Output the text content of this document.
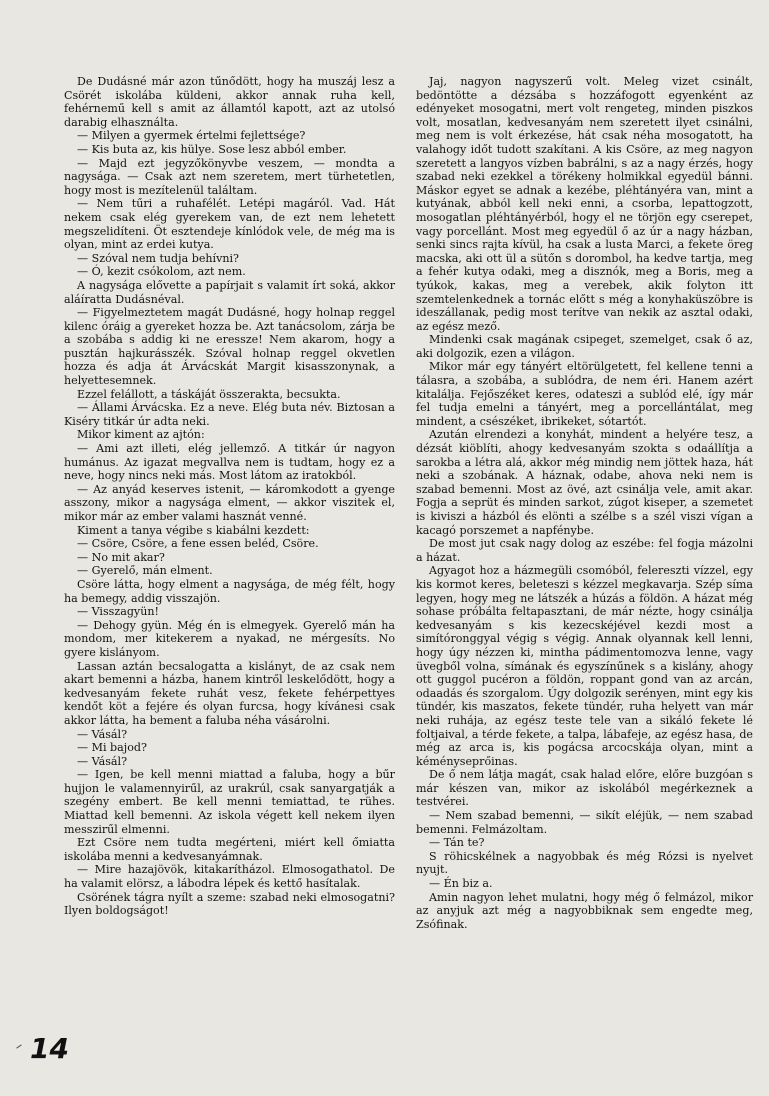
De Dudásné már azon tűnődött, hogy ha muszáj lesz a Csörét iskolába küldeni, akkor annak ruha kell, fehérnemű kell s amit az államtól kapott, azt az utolsó darabig elhasználta.

— Milyen a gyermek értelmi fejlettsége?

— Kis buta az, kis hülye. Sose lesz abból ember.

— Majd ezt jegyzőkönyvbe veszem, — mondta a nagysága. — Csak azt nem szeretem, mert türhetetlen, hogy most is mezítelenül találtam.

— Nem tűri a ruhafélét. Letépi magáról. Vad. Hát nekem csak elég gyerekem van, de ezt nem lehetett megszelidíteni. Öt esztendeje kínlódok vele, de még ma is olyan, mint az erdei kutya.

— Szóval nem tudja behívni?

— Ó, kezit csókolom, azt nem.

A nagysága elővette a papírjait s valamit írt soká, akkor aláíratta Dudásnéval.

— Figyelmeztetem magát Dudásné, hogy holnap reggel kilenc óráig a gyereket hozza be. Azt tanácsolom, zárja be a szobába s addig ki ne eressze! Nem akarom, hogy a pusztán hajkurásszék. Szóval holnap reggel okvetlen hozza és adja át Árvácskát Margit kisasszonynak, a helyettesemnek.

Ezzel felállott, a táskáját összerakta, becsukta.

— Állami Árvácska. Ez a neve. Elég buta név. Biztosan a Kiséry titkár úr adta neki.

Mikor kiment az ajtón:

— Ami azt illeti, elég jellemző. A titkár úr nagyon humánus. Az igazat megvallva nem is tudtam, hogy ez a neve, hogy nincs neki más. Most látom az iratokból.

— Az anyád keserves istenit, — káromkodott a gyenge asszony, mikor a nagysága elment, — akkor viszitek el, mikor már az ember valami hasznát venné.

Kiment a tanya végibe s kiabálni kezdett:

— Csöre, Csöre, a fene essen beléd, Csöre.

— No mit akar?

— Gyerelő, mán elment.

Csöre látta, hogy elment a nagysága, de még félt, hogy ha bemegy, addig visszajön.

— Visszagyün!

— Dehogy gyün. Még én is elmegyek. Gyerelő mán ha mondom, mer kitekerem a nyakad, ne mérgesíts. No gyere kislányom.

Lassan aztán becsalogatta a kislányt, de az csak nem akart bemenni a házba, hanem kintről leskelődött, hogy a kedvesanyám fekete ruhát vesz, fekete fehérpettyes kendőt köt a fejére és olyan furcsa, hogy kívánesi csak akkor látta, ha bement a faluba néha vásárolni.

— Vásál?

— Mi bajod?

— Vásál?

— Igen, be kell menni miattad a faluba, hogy a bűr hujjon le valamennyirűl, az urakrúl, csak sanyargatják a szegény embert. Be kell menni temiattad, te rühes. Miattad kell bemenni. Az iskola végett kell nekem ilyen messzirűl elmenni.

Ezt Csöre nem tudta megérteni, miért kell őmiatta iskolába menni a kedvesanyámnak.

— Mire hazajövök, kitakarítházol. Elmosogathatol. De ha valamit elörsz, a lábodra lépek és kettő hasítalak.

Csörének tágra nyílt a szeme: szabad neki elmosogatni? Ilyen boldogságot!

Jaj, nagyon nagyszerű volt. Meleg vizet csinált, bedöntötte a dézsába s hozzáfogott egyenként az edényeket mosogatni, mert volt rengeteg, minden piszkos volt, mosatlan, kedvesanyám nem szeretett ilyet csinálni, meg nem is volt érkezése, hát csak néha mosogatott, ha valahogy időt tudott szakítani. A kis Csöre, az meg nagyon szeretett a langyos vízben babrálni, s az a nagy érzés, hogy szabad neki ezekkel a törékeny holmikkal egyedül bánni. Máskor egyet se adnak a kezébe, pléhtányéra van, mint a kutyának, abból kell neki enni, a csorba, lepattogzott, mosogatlan pléhtányérból, hogy el ne törjön egy cserepet, vagy porcellánt. Most meg egyedül ő az úr a nagy házban, senki sincs rajta kívül, ha csak a lusta Marci, a fekete öreg macska, aki ott ül a sütőn s dorombol, ha kedve tartja, meg a fehér kutya odaki, meg a disznók, meg a Boris, meg a tyúkok, kakas, meg a verebek, akik folyton itt szemtelenkednek a tornác előtt s még a konyhaküszöbre is ideszállanak, pedig most terítve van nekik az asztal odaki, az egész mező.

Mindenki csak magának csipeget, szemelget, csak ő az, aki dolgozik, ezen a világon.

Mikor már egy tányért eltörülgetett, fel kellene tenni a tálasra, a szobába, a sublódra, de nem éri. Hanem azért kitalálja. Fejőszéket keres, odateszi a sublód elé, így már fel tudja emelni a tányért, meg a porcellántálat, meg mindent, a csészéket, ibrikeket, sótartót.

Azután elrendezi a konyhát, mindent a helyére tesz, a dézsát kiöblíti, ahogy kedvesanyám szokta s odaállítja a sarokba a létra alá, akkor még mindig nem jöttek haza, hát neki a szobának. A háznak, odabe, ahova neki nem is szabad bemenni. Most az övé, azt csinálja vele, amit akar. Fogja a seprüt és minden sarkot, zúgot kiseper, a szemetet is kiviszi a házból és elönti a szélbe s a szél viszi vígan a kacagó porszemet a napfénybe.

De most jut csak nagy dolog az eszébe: fel fogja mázolni a házat.

Agyagot hoz a házmegüli csomóból, felereszti vízzel, egy kis kormot keres, beleteszi s kézzel megkavarja. Szép síma legyen, hogy meg ne látszék a húzás a földön. A házat még sohase próbálta feltapasztani, de már nézte, hogy csinálja kedvesanyám s kis kezecskéjével kezdi most a simítóronggyal végig s végig. Annak olyannak kell lenni, hogy úgy nézzen ki, mintha pádimentomozva lenne, vagy üvegből volna, símának és egyszínűnek s a kislány, ahogy ott guggol pucéron a földön, roppant gond van az arcán, odaadás és szorgalom. Úgy dolgozik serényen, mint egy kis tündér, kis maszatos, fekete tündér, ruha helyett van már neki ruhája, az egész teste tele van a sikáló fekete lé foltjaival, a térde fekete, a talpa, lábafeje, az egész hasa, de még az arca is, kis pogácsa arcocskája olyan, mint a kéményseprőinas.

De ő nem látja magát, csak halad előre, előre buzgóan s már készen van, mikor az iskolából megérkeznek a testvérei.

— Nem szabad bemenni, — sikít eléjük, — nem szabad bemenni. Felmázoltam.

— Tán te?

S röhicskélnek a nagyobbak és még Rózsi is nyelvet nyujt.

— Én biz a.

Amin nagyon lehet mulatni, hogy még ő felmázol, mikor az anyjuk azt még a nagyobbiknak sem engedte meg, Zsófinak.

14
